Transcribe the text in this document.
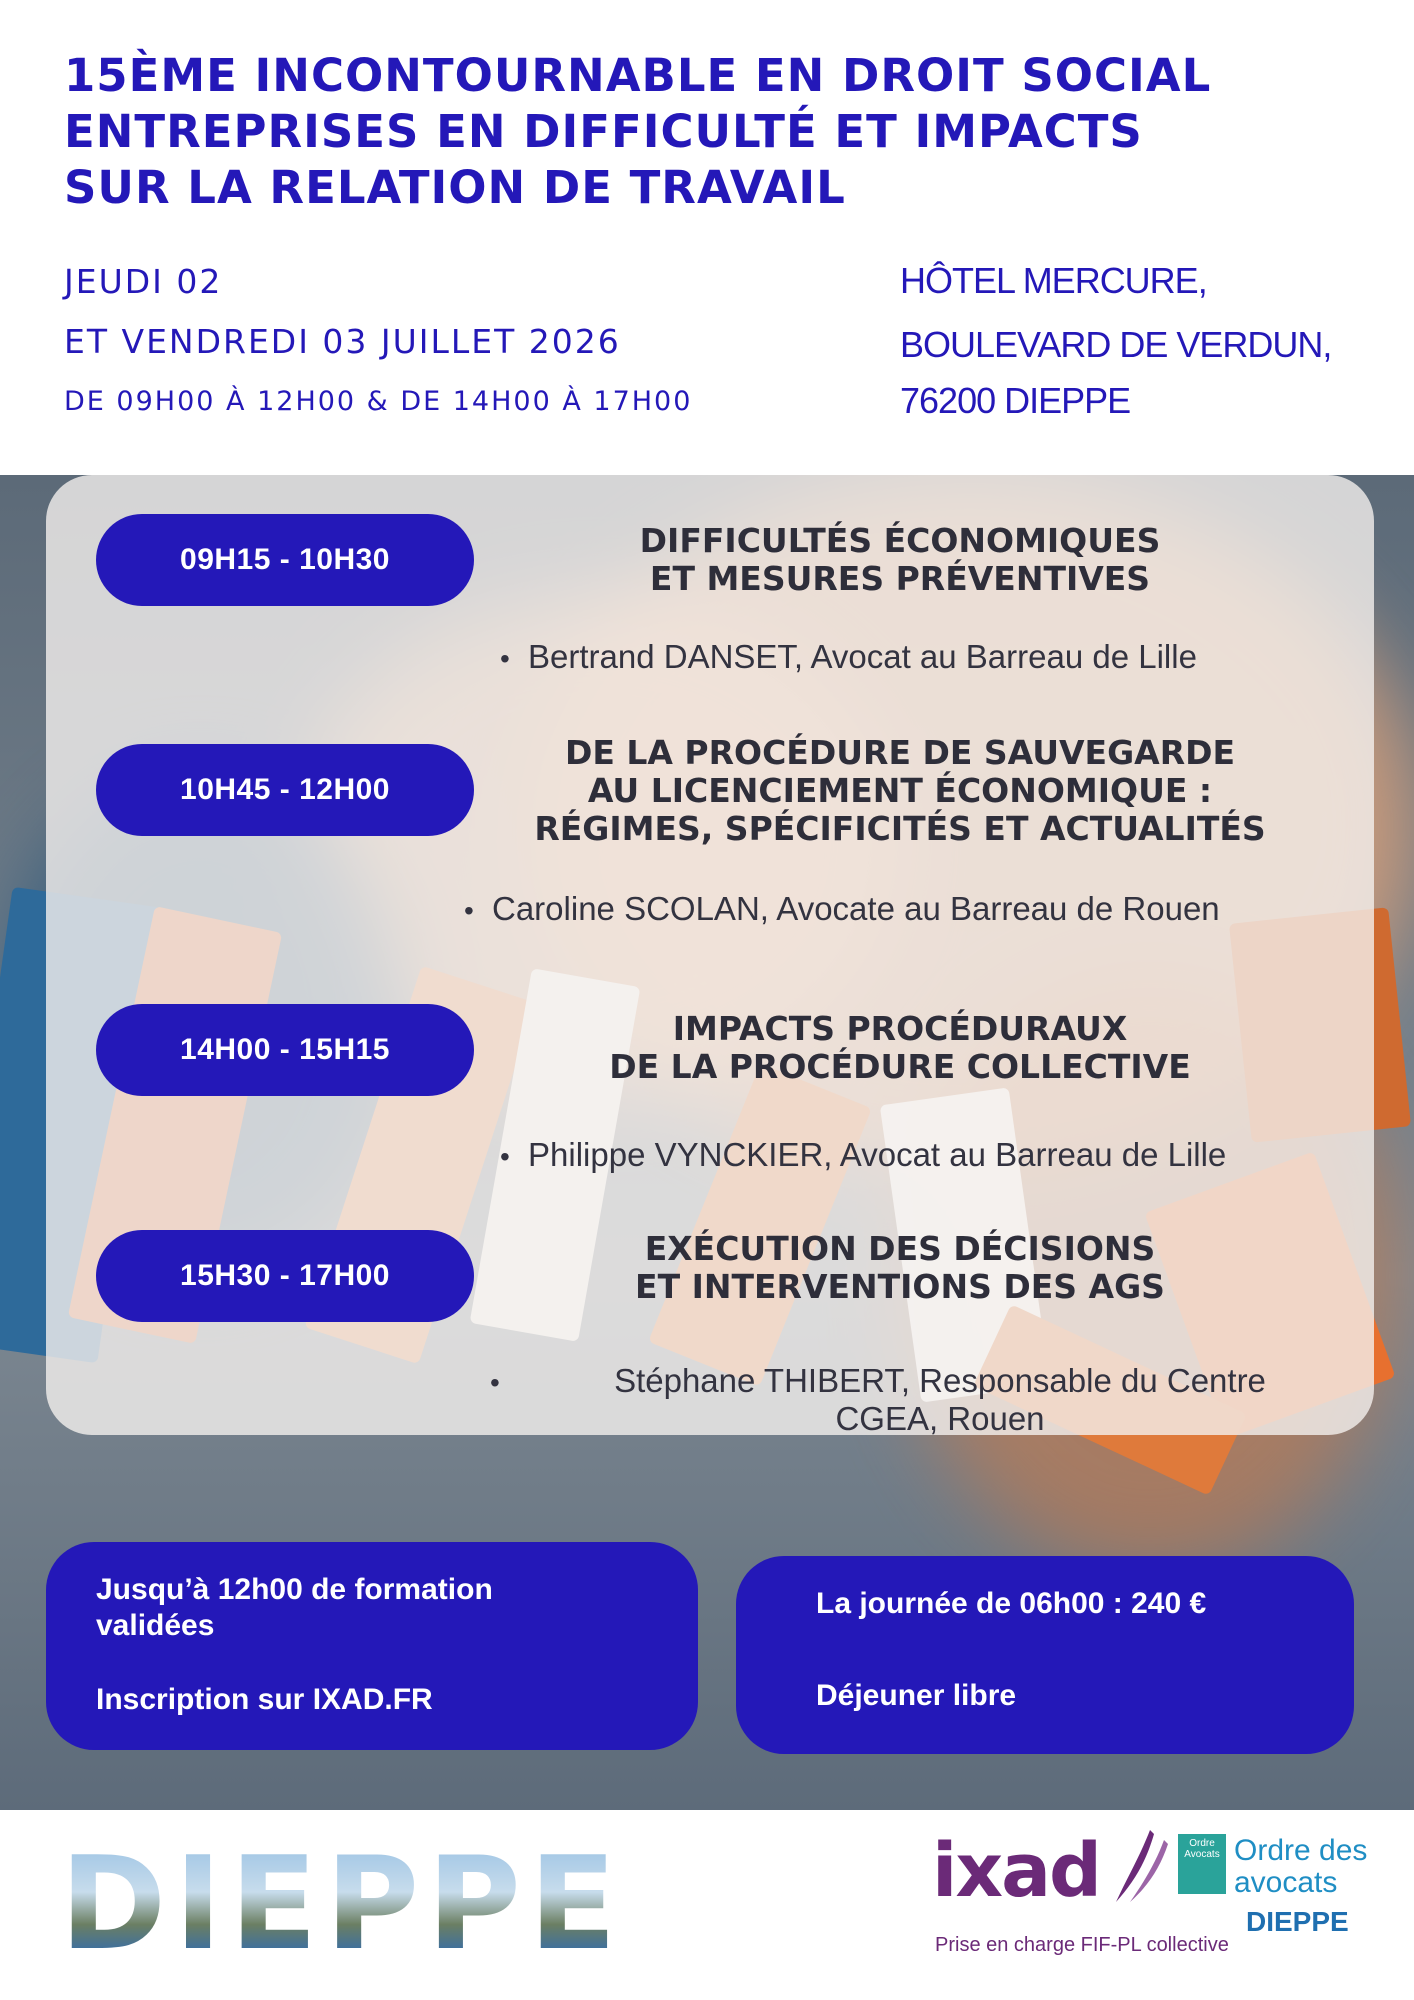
15ÈME INCONTOURNABLE EN DROIT SOCIAL
ENTREPRISES EN DIFFICULTÉ ET IMPACTS
SUR LA RELATION DE TRAVAIL
JEUDI 02
ET VENDREDI 03 JUILLET 2026
DE 09H00 À 12H00 & DE 14H00 À 17H00
HÔTEL MERCURE,
BOULEVARD DE VERDUN,
76200 DIEPPE
09H15 - 10H30	DIFFICULTÉS ÉCONOMIQUES
ET MESURES PRÉVENTIVES
• Bertrand DANSET, Avocat au Barreau de Lille
10H45 - 12H00
DE LA PROCÉDURE DE SAUVEGARDE
AU LICENCIEMENT ÉCONOMIQUE :
RÉGIMES, SPÉCIFICITÉS ET ACTUALITÉS
• Caroline SCOLAN, Avocate au Barreau de Rouen
14H00 - 15H15
IMPACTS PROCÉDURAUX
DE LA PROCÉDURE COLLECTIVE
• Philippe VYNCKIER, Avocat au Barreau de Lille
15H30 - 17H00
EXÉCUTION DES DÉCISIONS
ET INTERVENTIONS DES AGS
•	Stéphane THIBERT, Responsable du Centre
CGEA, Rouen
Jusqu’à 12h00 de formation
validées
Inscription sur IXAD.FR
La journée de 06h00 : 240 €
Déjeuner libre
DIEPPE	ixad	Ordre
Avocats Ordre des
avocats
DIEPPE
Prise en charge FIF-PL collective
